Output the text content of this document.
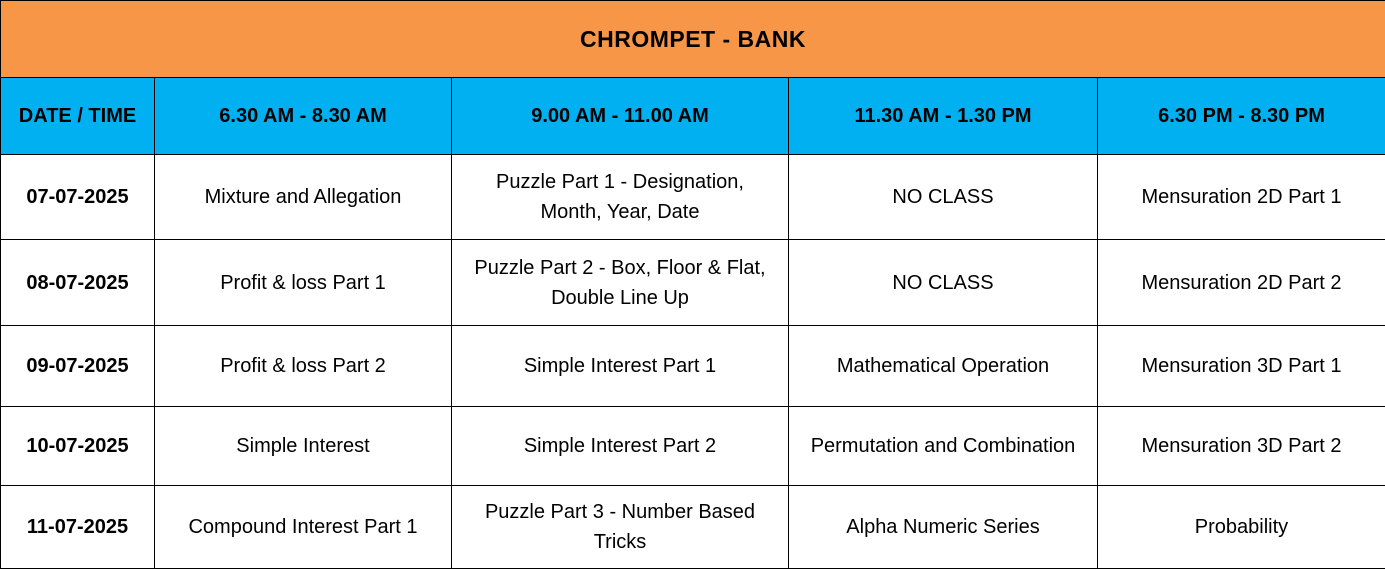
CHROMPET - BANK				
DATE / TIME	6.30 AM - 8.30 AM	9.00 AM - 11.00 AM	11.30 AM - 1.30 PM	6.30 PM - 8.30 PM
07-07-2025	Mixture and Allegation	Puzzle Part 1 - Designation, Month, Year, Date	NO CLASS	Mensuration 2D Part 1
08-07-2025	Profit & loss Part 1	Puzzle Part 2 - Box, Floor & Flat, Double Line Up	NO CLASS	Mensuration 2D Part 2
09-07-2025	Profit & loss Part 2	Simple Interest Part 1	Mathematical Operation	Mensuration 3D Part 1
10-07-2025	Simple Interest	Simple Interest Part 2	Permutation and Combination	Mensuration 3D Part 2
11-07-2025	Compound Interest Part 1	Puzzle Part 3 - Number Based Tricks	Alpha Numeric Series	Probability
